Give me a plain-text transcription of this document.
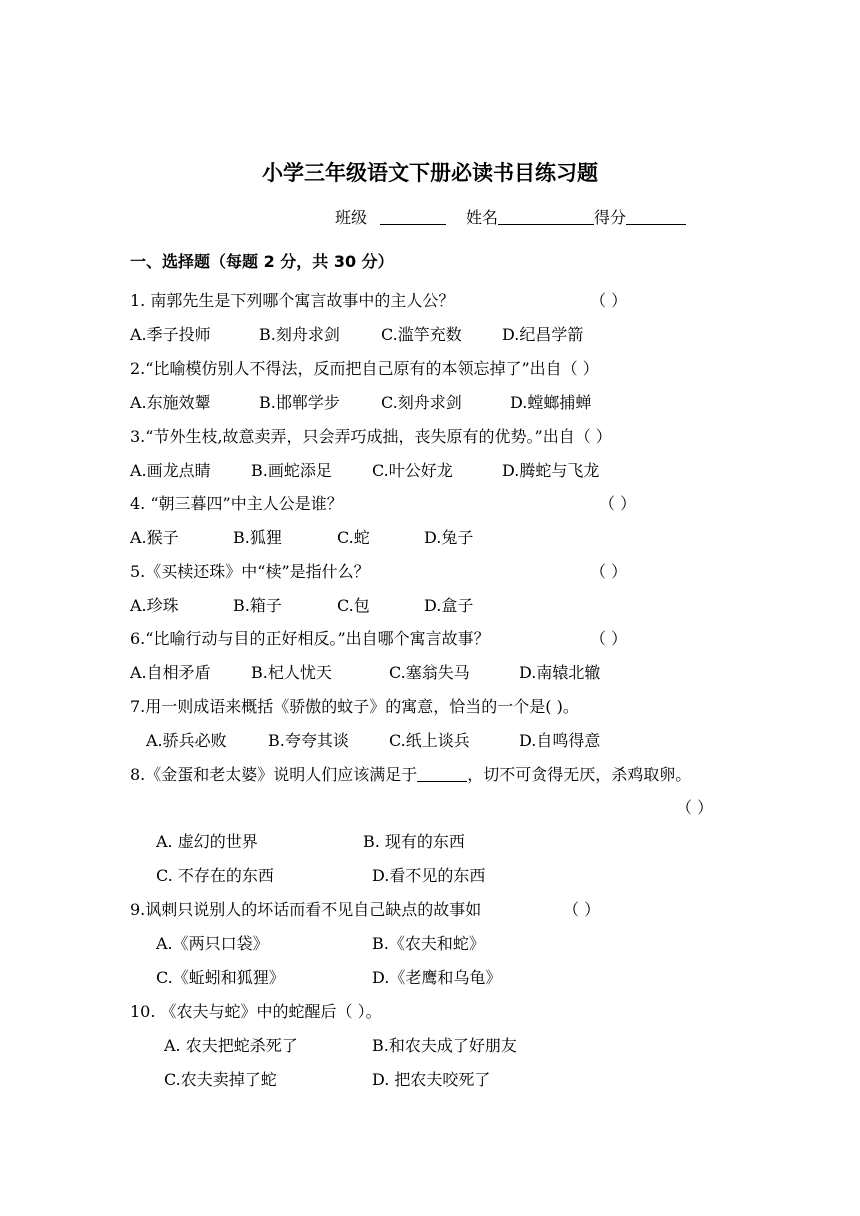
小学三年级语文下册必读书目练习题
班级	姓名	得分
一、选择题（每题 2 分，共 30 分）
1. 南郭先生是下列哪个寓言故事中的主人公？	（ ）
A.季子投师	B.刻舟求剑	C.滥竽充数	D.纪昌学箭
2.“比喻模仿别人不得法，反而把自己原有的本领忘掉了”出自（ ）
A.东施效颦	B.邯郸学步	C.刻舟求剑	D.螳螂捕蝉
3.“节外生枝,故意卖弄，只会弄巧成拙，丧失原有的优势。”出自（ ）
A.画龙点睛	B.画蛇添足	C.叶公好龙	D.腾蛇与飞龙
4. “朝三暮四”中主人公是谁？	（ ）
A.猴子	B.狐狸	C.蛇	D.兔子
5.《买椟还珠》中“椟”是指什么？	（ ）
A.珍珠	B.箱子	C.包	D.盒子
6.“比喻行动与目的正好相反。”出自哪个寓言故事？	（ ）
A.自相矛盾	B.杞人忧天	C.塞翁失马	D.南辕北辙
7.用一则成语来概括《骄傲的蚊子》的寓意，恰当的一个是( )。
A.骄兵必败	B.夸夸其谈	C.纸上谈兵	D.自鸣得意
8.《金蛋和老太婆》说明人们应该满足于	，切不可贪得无厌，杀鸡取卵。
（ ）
A. 虚幻的世界	B. 现有的东西
C. 不存在的东西	D.看不见的东西
9.讽刺只说别人的坏话而看不见自己缺点的故事如	（ ）
A.《两只口袋》	B.《农夫和蛇》
C.《蚯蚓和狐狸》	D.《老鹰和乌龟》
10. 《农夫与蛇》中的蛇醒后（ ）。
A. 农夫把蛇杀死了	B.和农夫成了好朋友
C.农夫卖掉了蛇	D. 把农夫咬死了
